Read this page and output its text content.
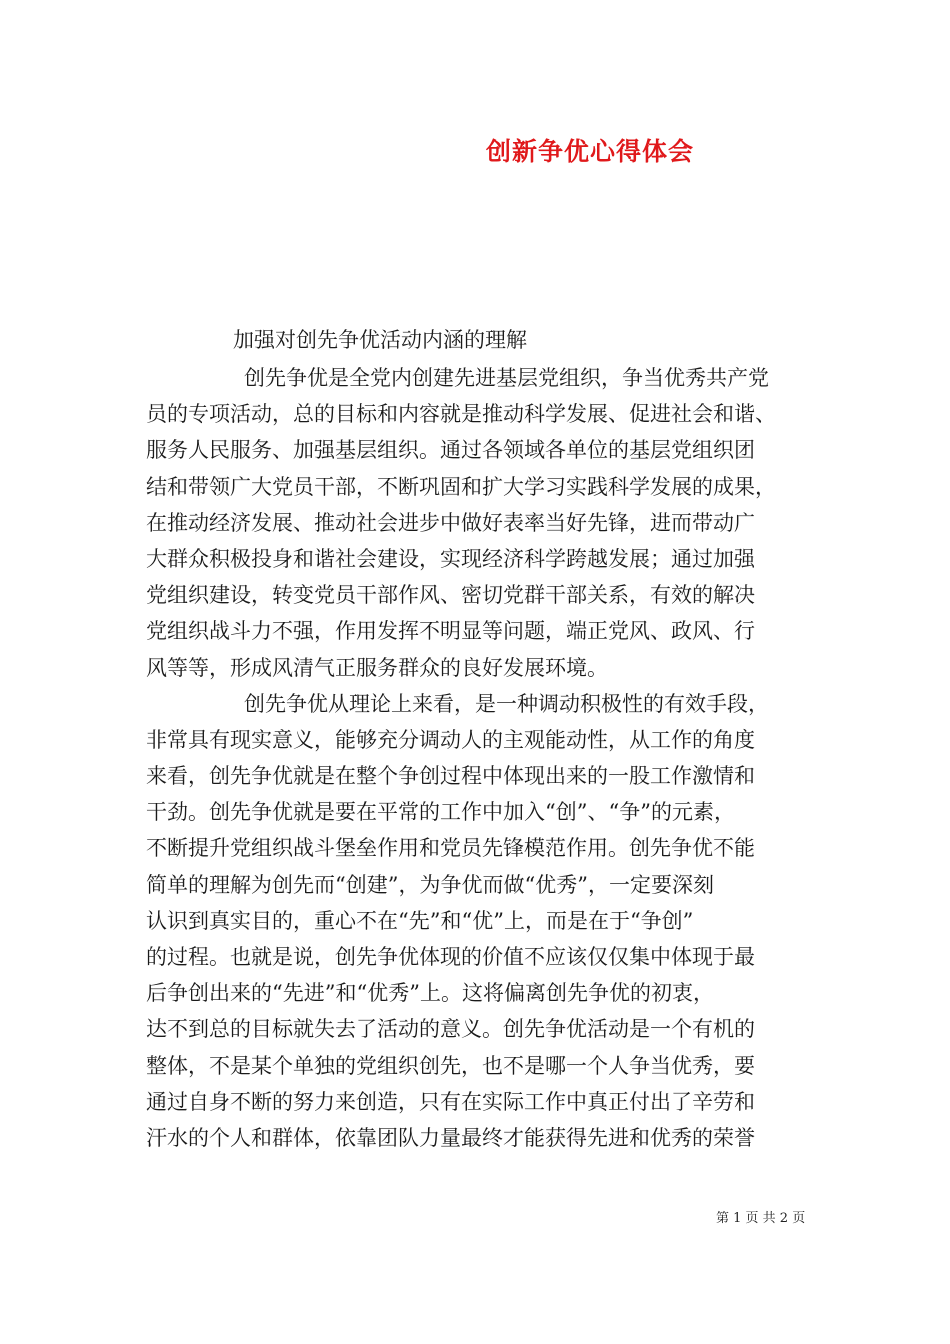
创新争优心得体会
加强对创先争优活动内涵的理解
创先争优是全党内创建先进基层党组织，争当优秀共产党
员的专项活动，总的目标和内容就是推动科学发展、促进社会和谐、
服务人民服务、加强基层组织。通过各领域各单位的基层党组织团
结和带领广大党员干部，不断巩固和扩大学习实践科学发展的成果，
在推动经济发展、推动社会进步中做好表率当好先锋，进而带动广
大群众积极投身和谐社会建设，实现经济科学跨越发展；通过加强
党组织建设，转变党员干部作风、密切党群干部关系，有效的解决
党组织战斗力不强，作用发挥不明显等问题，端正党风、政风、行
风等等，形成风清气正服务群众的良好发展环境。
创先争优从理论上来看，是一种调动积极性的有效手段，
非常具有现实意义，能够充分调动人的主观能动性，从工作的角度
来看，创先争优就是在整个争创过程中体现出来的一股工作激情和
干劲。创先争优就是要在平常的工作中加入“创”、“争”的元素，
不断提升党组织战斗堡垒作用和党员先锋模范作用。创先争优不能
简单的理解为创先而“创建”，为争优而做“优秀”，一定要深刻
认识到真实目的，重心不在“先”和“优”上，而是在于“争创”
的过程。也就是说，创先争优体现的价值不应该仅仅集中体现于最
后争创出来的“先进”和“优秀”上。这将偏离创先争优的初衷，
达不到总的目标就失去了活动的意义。创先争优活动是一个有机的
整体，不是某个单独的党组织创先，也不是哪一个人争当优秀，要
通过自身不断的努力来创造，只有在实际工作中真正付出了辛劳和
汗水的个人和群体，依靠团队力量最终才能获得先进和优秀的荣誉

第 1 页 共 2 页
